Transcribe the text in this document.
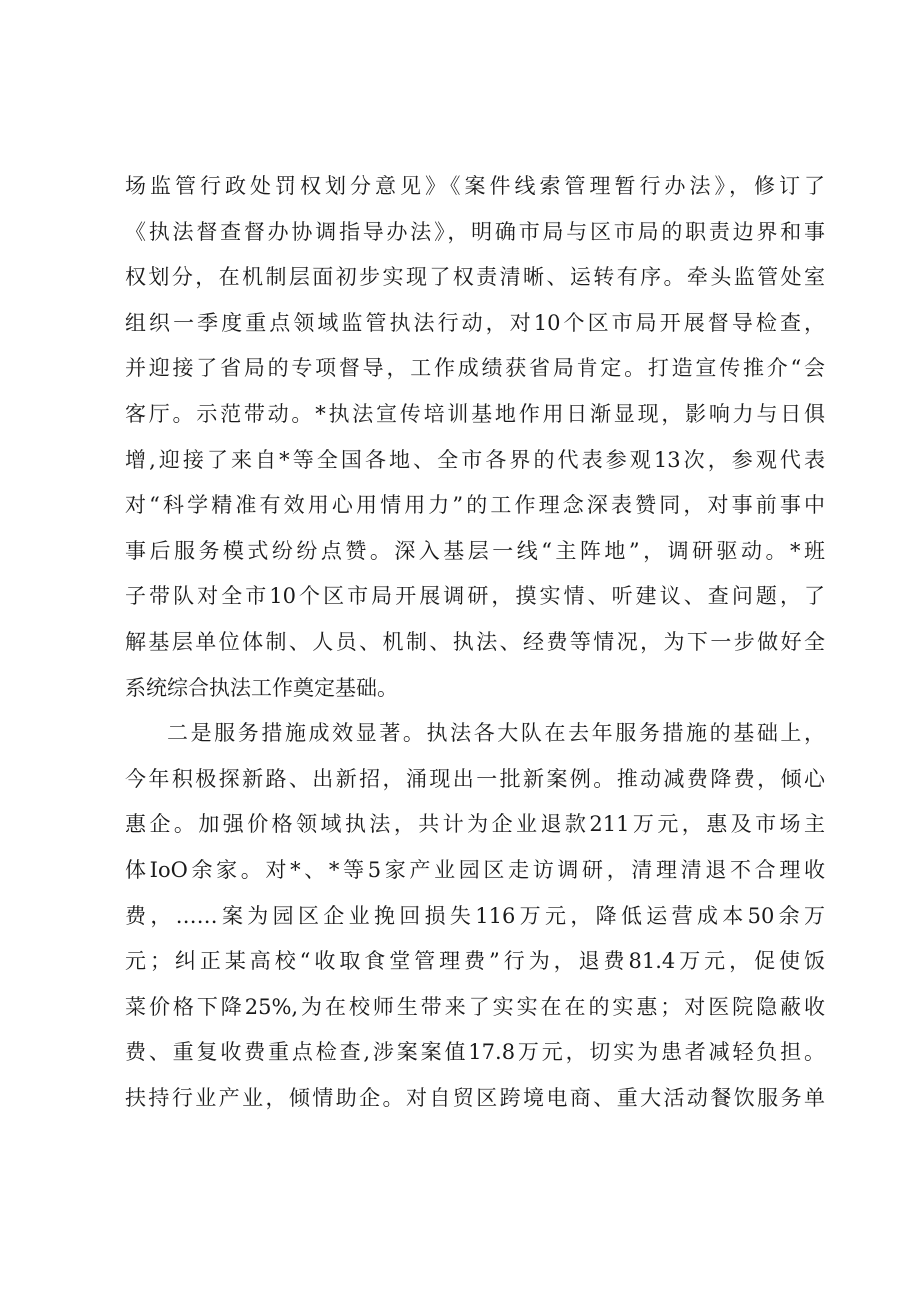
场监管行政处罚权划分意见》《案件线索管理暂行办法》，修订了
《执法督查督办协调指导办法》，明确市局与区市局的职责边界和事
权划分，在机制层面初步实现了权责清晰、运转有序。牵头监管处室
组织一季度重点领域监管执法行动，对10个区市局开展督导检查，
并迎接了省局的专项督导，工作成绩获省局肯定。打造宣传推介“会
客厅。示范带动。*执法宣传培训基地作用日渐显现，影响力与日俱
增,迎接了来自*等全国各地、全市各界的代表参观13次，参观代表
对“科学精准有效用心用情用力”的工作理念深表赞同，对事前事中
事后服务模式纷纷点赞。深入基层一线“主阵地”，调研驱动。*班
子带队对全市10个区市局开展调研，摸实情、听建议、查问题，了
解基层单位体制、人员、机制、执法、经费等情况，为下一步做好全
系统综合执法工作奠定基础。
二是服务措施成效显著。执法各大队在去年服务措施的基础上，
今年积极探新路、出新招，涌现出一批新案例。推动减费降费，倾心
惠企。加强价格领域执法，共计为企业退款211万元，惠及市场主
体IoO余家。对*、*等5家产业园区走访调研，清理清退不合理收
费，……案为园区企业挽回损失116万元，降低运营成本50余万
元；纠正某高校“收取食堂管理费”行为，退费81.4万元，促使饭
菜价格下降25%,为在校师生带来了实实在在的实惠；对医院隐蔽收
费、重复收费重点检查,涉案案值17.8万元，切实为患者减轻负担。
扶持行业产业，倾情助企。对自贸区跨境电商、重大活动餐饮服务单
